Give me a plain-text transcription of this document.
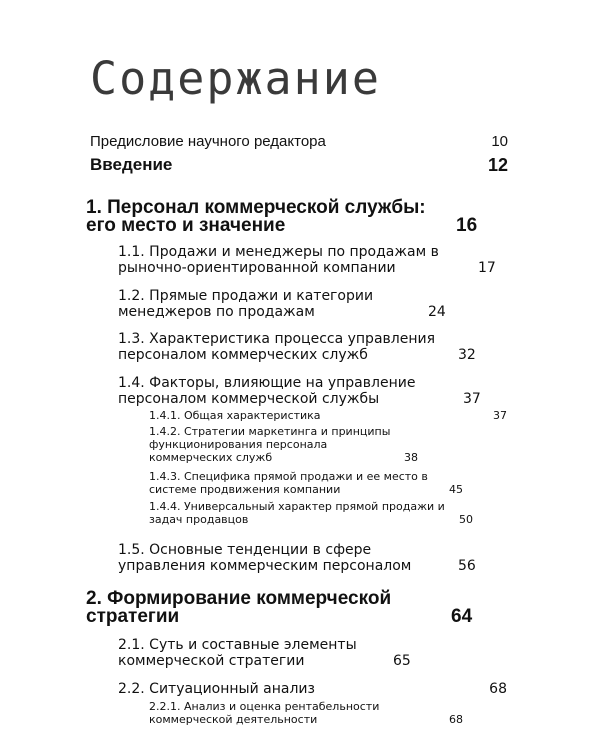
Содержание
Предисловие научного редактора	10
Введение	12
1. Персонал коммерческой службы: его место и значение	16
1.1. Продажи и менеджеры по продажам в рыночно-ориентированной компании	17
1.2. Прямые продажи и категории менеджеров по продажам	24
1.3. Характеристика процесса управления персоналом коммерческих служб	32
1.4. Факторы, влияющие на управление персоналом коммерческой службы	37
1.4.1. Общая характеристика	37
1.4.2. Стратегии маркетинга и принципы функционирования персонала коммерческих служб	38
1.4.3. Специфика прямой продажи и ее место в системе продвижения компании	45
1.4.4. Универсальный характер прямой продажи и задач продавцов	50
1.5. Основные тенденции в сфере управления коммерческим персоналом	56
2. Формирование коммерческой стратегии	64
2.1. Суть и составные элементы коммерческой стратегии	65
2.2. Ситуационный анализ	68
2.2.1. Анализ и оценка рентабельности коммерческой деятельности	68
